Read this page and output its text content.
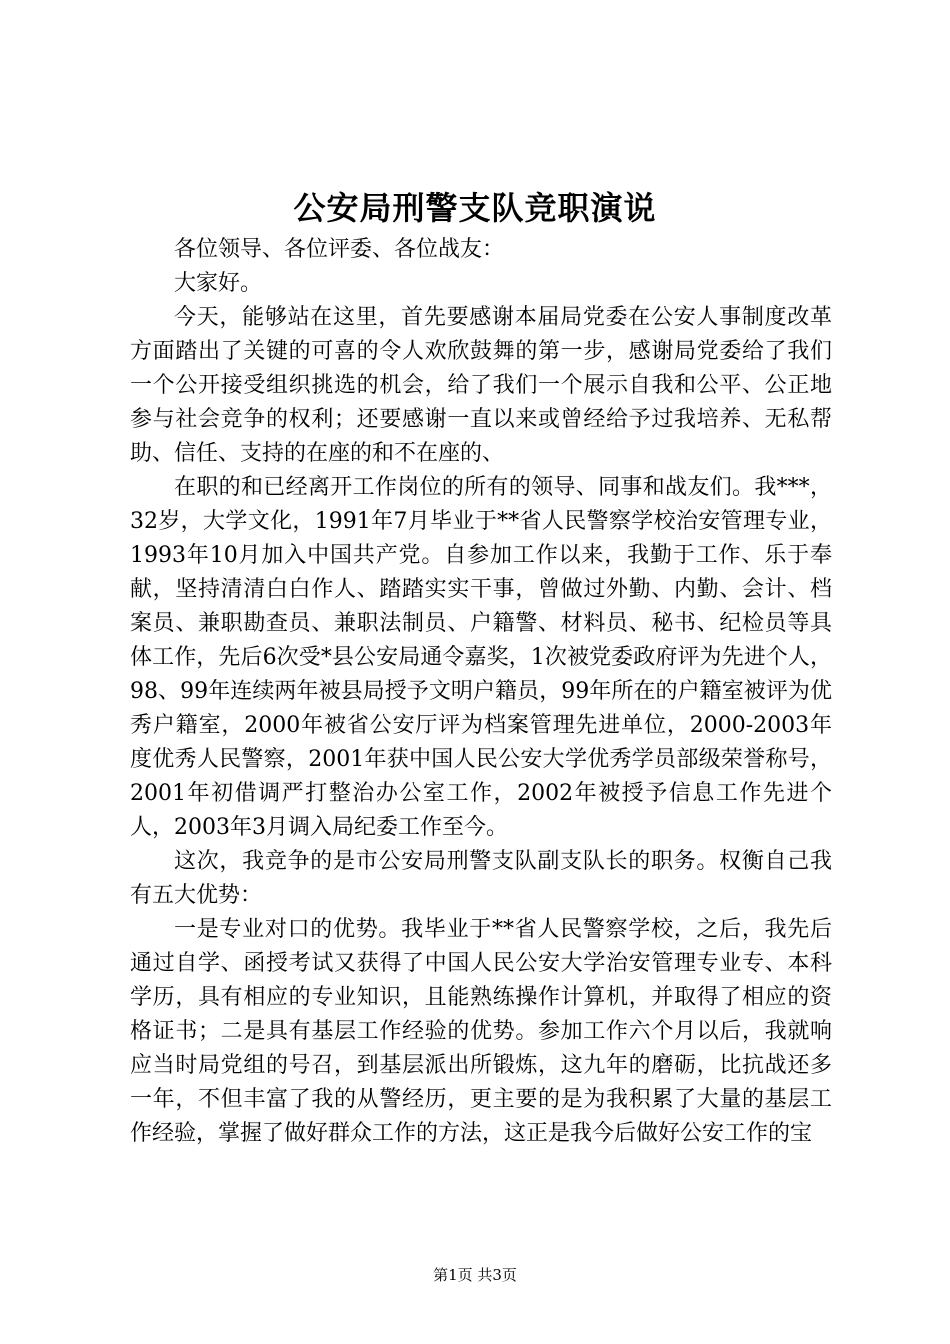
公安局刑警支队竞职演说

各位领导、各位评委、各位战友：

大家好。

今天，能够站在这里，首先要感谢本届局党委在公安人事制度改革方面踏出了关键的可喜的令人欢欣鼓舞的第一步，感谢局党委给了我们一个公开接受组织挑选的机会，给了我们一个展示自我和公平、公正地参与社会竞争的权利；还要感谢一直以来或曾经给予过我培养、无私帮助、信任、支持的在座的和不在座的、

在职的和已经离开工作岗位的所有的领导、同事和战友们。我***，32岁，大学文化，1991年7月毕业于**省人民警察学校治安管理专业，1993年10月加入中国共产党。自参加工作以来，我勤于工作、乐于奉献，坚持清清白白作人、踏踏实实干事，曾做过外勤、内勤、会计、档案员、兼职勘查员、兼职法制员、户籍警、材料员、秘书、纪检员等具体工作，先后6次受*县公安局通令嘉奖，1次被党委政府评为先进个人，98、99年连续两年被县局授予文明户籍员，99年所在的户籍室被评为优秀户籍室，2000年被省公安厅评为档案管理先进单位，2000-2003年度优秀人民警察，2001年获中国人民公安大学优秀学员部级荣誉称号，2001年初借调严打整治办公室工作，2002年被授予信息工作先进个人，2003年3月调入局纪委工作至今。

这次，我竞争的是市公安局刑警支队副支队长的职务。权衡自己我有五大优势：

一是专业对口的优势。我毕业于**省人民警察学校，之后，我先后通过自学、函授考试又获得了中国人民公安大学治安管理专业专、本科学历，具有相应的专业知识，且能熟练操作计算机，并取得了相应的资格证书；二是具有基层工作经验的优势。参加工作六个月以后，我就响应当时局党组的号召，到基层派出所锻炼，这九年的磨砺，比抗战还多一年，不但丰富了我的从警经历，更主要的是为我积累了大量的基层工作经验，掌握了做好群众工作的方法，这正是我今后做好公安工作的宝

第1页 共3页
